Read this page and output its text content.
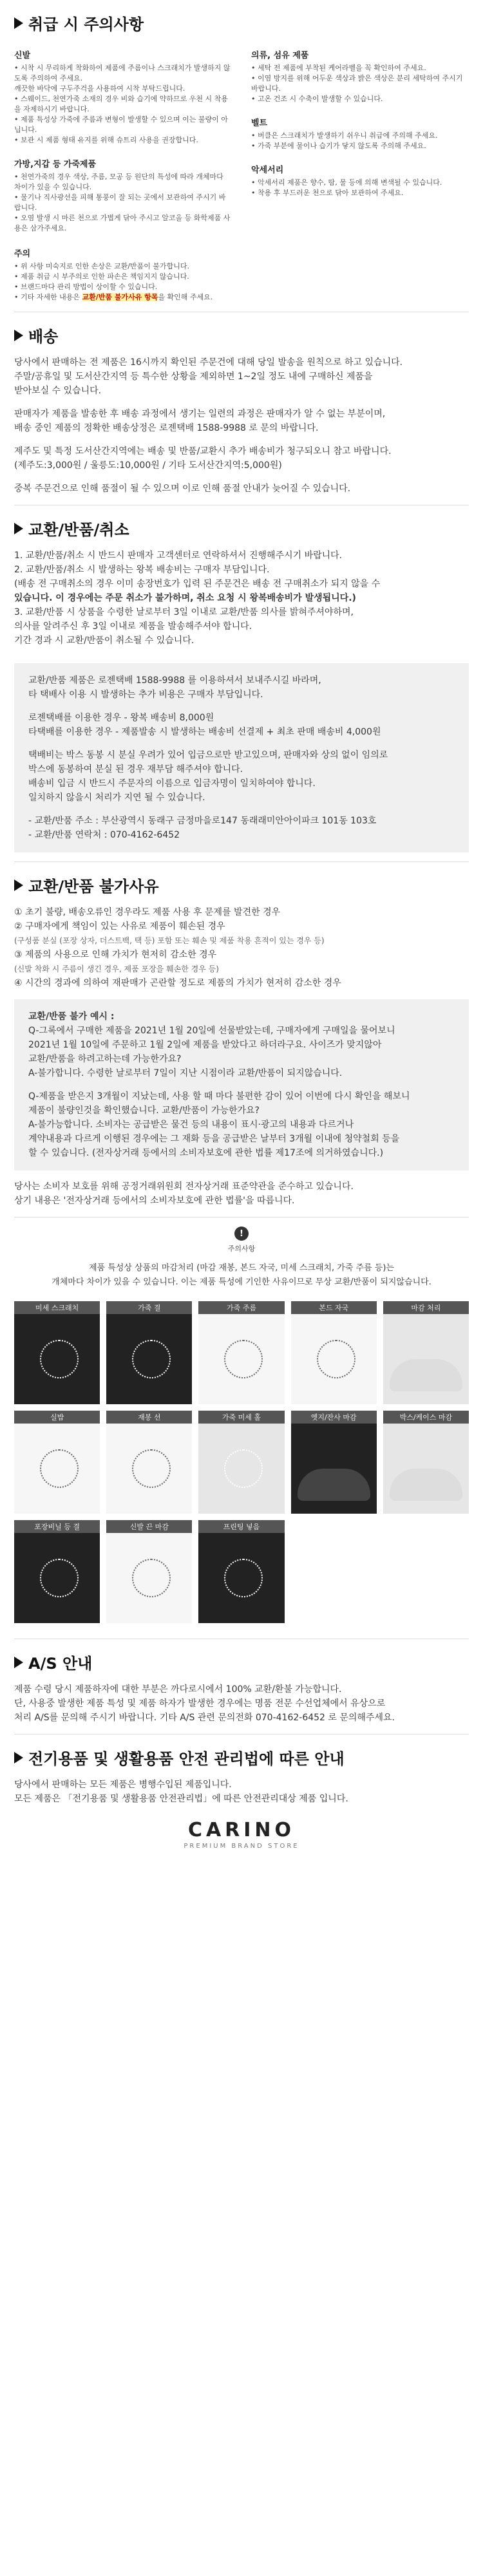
취급 시 주의사항
신발

• 시착 시 무리하게 착화하여 제품에 주름이나 스크래치가 발생하지 않도록 주의하여 주세요.

깨끗한 바닥에 구두주걱을 사용하여 시착 부탁드립니다.

• 스웨이드, 천연가죽 소재의 경우 비와 습기에 약하므로 우천 시 착용을 자제하시기 바랍니다.

• 제품 특성상 가죽에 주름과 변형이 발생할 수 있으며 이는 불량이 아닙니다.

• 보관 시 제품 형태 유지를 위해 슈트리 사용을 권장합니다.

가방,지갑 등 가죽제품

• 천연가죽의 경우 색상, 주름, 모공 등 원단의 특성에 따라 개체마다 차이가 있을 수 있습니다.

• 물기나 직사광선을 피해 통풍이 잘 되는 곳에서 보관하여 주시기 바랍니다.

• 오염 발생 시 마른 천으로 가볍게 닦아 주시고 알코올 등 화학제품 사용은 삼가주세요.

의류, 섬유 제품

• 세탁 전 제품에 부착된 케어라벨을 꼭 확인하여 주세요.

• 이염 방지를 위해 어두운 색상과 밝은 색상은 분리 세탁하여 주시기 바랍니다.

• 고온 건조 시 수축이 발생할 수 있습니다.

벨트

• 버클은 스크래치가 발생하기 쉬우니 취급에 주의해 주세요.

• 가죽 부분에 물이나 습기가 닿지 않도록 주의해 주세요.

악세서리

• 악세서리 제품은 향수, 땀, 물 등에 의해 변색될 수 있습니다.

• 착용 후 부드러운 천으로 닦아 보관하여 주세요.

주의

• 위 사항 미숙지로 인한 손상은 교환/반품이 불가합니다.

• 제품 취급 시 부주의로 인한 파손은 책임지지 않습니다.

• 브랜드마다 관리 방법이 상이할 수 있습니다.

• 기타 자세한 내용은 교환/반품 불가사유 항목을 확인해 주세요.

배송

당사에서 판매하는 전 제품은 16시까지 확인된 주문건에 대해 당일 발송을 원칙으로 하고 있습니다.

주말/공휴일 및 도서산간지역 등 특수한 상황을 제외하면 1~2일 정도 내에 구매하신 제품을

받아보실 수 있습니다.

판매자가 제품을 발송한 후 배송 과정에서 생기는 일련의 과정은 판매자가 알 수 없는 부분이며,

배송 중인 제품의 정확한 배송상정은 로젠택배 1588-9988 로 문의 바랍니다.

제주도 및 특정 도서산간지역에는 배송 및 반품/교환시 추가 배송비가 청구되오니 참고 바랍니다.

(제주도:3,000원 / 울릉도:10,000원 / 기타 도서산간지역:5,000원)

중복 주문건으로 인해 품절이 될 수 있으며 이로 인해 품절 안내가 늦어질 수 있습니다.

교환/반품/취소

1. 교환/반품/취소 시 반드시 판매자 고객센터로 연락하셔서 진행해주시기 바랍니다.

2. 교환/반품/취소 시 발생하는 왕복 배송비는 구매자 부담입니다.

(배송 전 구매취소의 경우 이미 송장번호가 입력 된 주문건은 배송 전 구매취소가 되지 않을 수

있습니다. 이 경우에는 주문 취소가 불가하며, 취소 요청 시 왕복배송비가 발생됩니다.)

3. 교환/반품 시 상품을 수령한 날로부터 3일 이내로 교환/반품 의사를 밝혀주셔야하며,

의사를 알려주신 후 3일 이내로 제품을 발송해주셔야 합니다.

기간 경과 시 교환/반품이 취소될 수 있습니다.

교환/반품 제품은 로젠택배 1588-9988 를 이용하셔서 보내주시길 바라며,

타 택배사 이용 시 발생하는 추가 비용은 구매자 부담입니다.

로젠택배를 이용한 경우 - 왕복 배송비 8,000원

타택배를 이용한 경우 - 제품발송 시 발생하는 배송비 선결제 + 최초 판매 배송비 4,000원

택배비는 박스 동봉 시 분실 우려가 있어 입금으로만 받고있으며, 판매자와 상의 없이 임의로

박스에 동봉하여 분실 된 경우 재부담 해주셔야 합니다.

배송비 입금 시 반드시 주문자의 이름으로 입금자명이 일치하여야 합니다.

일치하지 않을시 처리가 지연 될 수 있습니다.

- 교환/반품 주소 : 부산광역시 동래구 금정마을로147 동래래미안아이파크 101동 103호

- 교환/반품 연락처 : 070-4162-6452

교환/반품 불가사유

① 초기 불량, 배송오류인 경우라도 제품 사용 후 문제를 발견한 경우

② 구매자에게 책임이 있는 사유로 제품이 훼손된 경우

(구성품 분실 (포장 상자, 더스트백, 택 등) 포함 또는 훼손 및 제품 착용 흔적이 있는 경우 등)

③ 제품의 사용으로 인해 가치가 현저히 감소한 경우

(신발 착화 시 주름이 생긴 경우, 제품 포장을 훼손한 경우 등)

④ 시간의 경과에 의하여 재판매가 곤란할 정도로 제품의 가치가 현저히 감소한 경우

교환/반품 불가 예시 :

Q-그록에서 구매한 제품을 2021년 1월 20일에 선물받았는데, 구매자에게 구매일을 물어보니

2021년 1월 10일에 주문하고 1월 2일에 제품을 받았다고 하더라구요. 사이즈가 맞지않아

교환/반품을 하려고하는데 가능한가요?

A-불가합니다. 수령한 날로부터 7일이 지난 시점이라 교환/반품이 되지않습니다.

Q-제품을 받은지 3개월이 지났는데, 사용 할 때 마다 불편한 감이 있어 이번에 다시 확인을 해보니

제품이 불량인것을 확인했습니다. 교환/반품이 가능한가요?

A-불가능합니다. 소비자는 공급받은 물건 등의 내용이 표시·광고의 내용과 다르거나

계약내용과 다르게 이행된 경우에는 그 재화 등을 공급받은 날부터 3개월 이내에 청약철회 등을

할 수 있습니다. (전자상거래 등에서의 소비자보호에 관한 법률 제17조에 의거하였습니다.)

당사는 소비자 보호를 위해 공정거래위원회 전자상거래 표준약관을 준수하고 있습니다.

상기 내용은 '전자상거래 등에서의 소비자보호에 관한 법률'을 따릅니다.

!

주의사항

제품 특성상 상품의 마감처리 (마감 재봉, 본드 자국, 미세 스크래치, 가죽 주름 등)는

개체마다 차이가 있을 수 있습니다. 이는 제품 특성에 기인한 사유이므로 무상 교환/반품이 되지않습니다.

미세 스크래치	가죽 결	가죽 주름	본드 자국	마감 처리
실밥	재봉 선	가죽 미세 홀	엣지/잔사 마감	박스/케이스 마감
포장비닐 등 결	신발 끈 마감	프린팅 넣음
A/S 안내

제품 수령 당시 제품하자에 대한 부분은 까다로시에서 100% 교환/환불 가능합니다.

단, 사용중 발생한 제품 특성 및 제품 하자가 발생한 경우에는 명품 전문 수선업체에서 유상으로

처리 A/S를 문의해 주시기 바랍니다. 기타 A/S 관련 문의전화 070-4162-6452 로 문의해주세요.

전기용품 및 생활용품 안전 관리법에 따른 안내

당사에서 판매하는 모든 제품은 병행수입된 제품입니다.

모든 제품은 「전기용품 및 생활용품 안전관리법」에 따른 안전관리대상 제품 입니다.

CARINO
PREMIUM BRAND STORE
